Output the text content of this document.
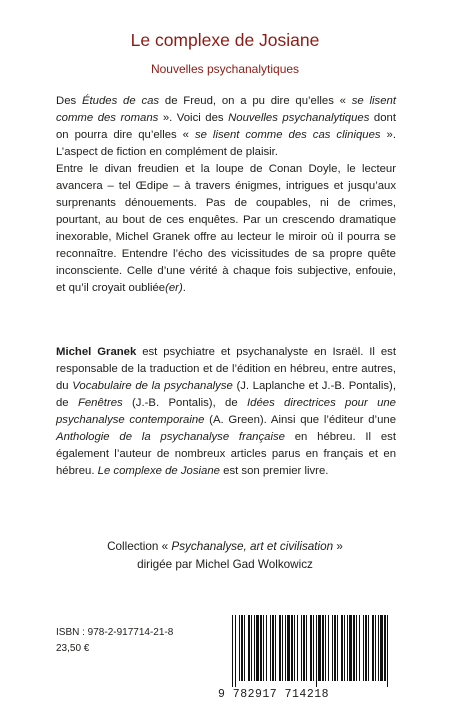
Le complexe de Josiane
Nouvelles psychanalytiques

Des Études de cas de Freud, on a pu dire qu’elles « se lisent comme des romans ». Voici des Nouvelles psychanalytiques dont on pourra dire qu’elles « se lisent comme des cas cliniques ». L’aspect de fiction en complément de plaisir.

Entre le divan freudien et la loupe de Conan Doyle, le lecteur avancera – tel Œdipe – à travers énigmes, intrigues et jusqu’aux surprenants dénouements. Pas de coupables, ni de crimes, pourtant, au bout de ces enquêtes. Par un crescendo dramatique inexorable, Michel Granek offre au lecteur le miroir où il pourra se reconnaître. Entendre l’écho des vicissitudes de sa propre quête inconsciente. Celle d’une vérité à chaque fois subjective, enfouie, et qu’il croyait oubliée(er).

Michel Granek est psychiatre et psychanalyste en Israël. Il est responsable de la traduction et de l’édition en hébreu, entre autres, du Vocabulaire de la psychanalyse (J. Laplanche et J.-B. Pontalis), de Fenêtres (J.-B. Pontalis), de Idées directrices pour une psychanalyse contemporaine (A. Green). Ainsi que l’éditeur d’une Anthologie de la psychanalyse française en hébreu. Il est également l’auteur de nombreux articles parus en français et en hébreu. Le complexe de Josiane est son premier livre.

Collection « Psychanalyse, art et civilisation »
dirigée par Michel Gad Wolkowicz

ISBN : 978-2-917714-21-8

23,50 €

9 782917 714218
